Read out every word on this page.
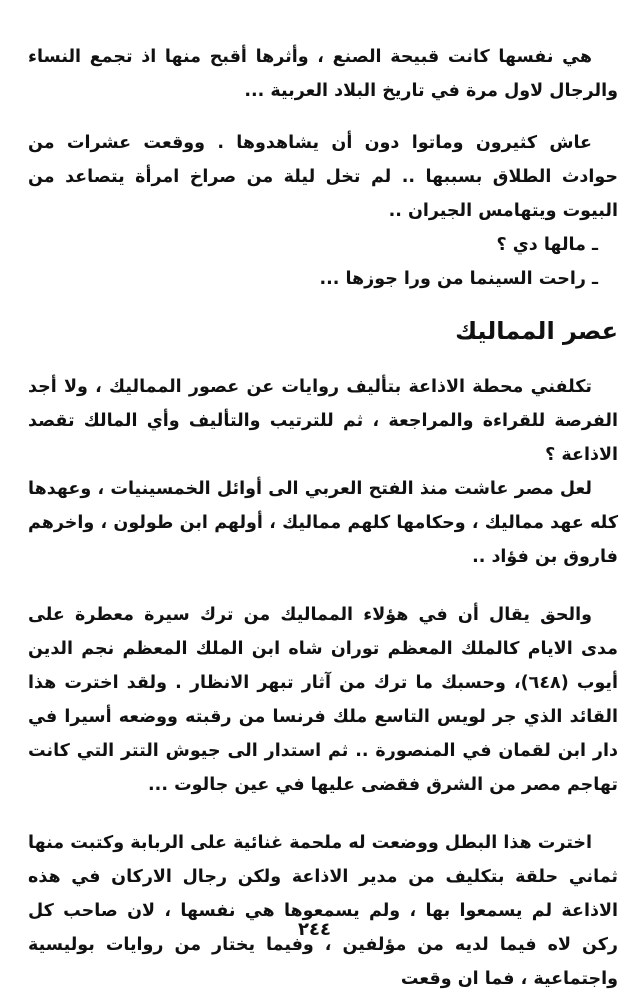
هي نفسها كانت قبيحة الصنع ، وأثرها أقبح منها اذ تجمع النساء والرجال لاول مرة في تاريخ البلاد العربية ...

عاش كثيرون وماتوا دون أن يشاهدوها . ووقعت عشرات من حوادث الطلاق بسببها .. لم تخل ليلة من صراخ امرأة يتصاعد من البيوت ويتهامس الجيران ..

ـ مالها دي ؟

ـ راحت السينما من ورا جوزها ...

عصر المماليك

تكلفني محطة الاذاعة بتأليف روايات عن عصور المماليك ، ولا أجد الفرصة للقراءة والمراجعة ، ثم للترتيب والتأليف وأي المالك تقصد الاذاعة ؟

لعل مصر عاشت منذ الفتح العربي الى أوائل الخمسينيات ، وعهدها كله عهد مماليك ، وحكامها كلهم مماليك ، أولهم ابن طولون ، واخرهم فاروق بن فؤاد ..

والحق يقال أن في هؤلاء المماليك من ترك سيرة معطرة على مدى الايام كالملك المعظم توران شاه ابن الملك المعظم نجم الدين أيوب (٦٤٨)، وحسبك ما ترك من آثار تبهر الانظار . ولقد اخترت هذا القائد الذي جر لويس التاسع ملك فرنسا من رقبته ووضعه أسيرا في دار ابن لقمان في المنصورة .. ثم استدار الى جيوش التتر التي كانت تهاجم مصر من الشرق فقضى عليها في عين جالوت ...

اخترت هذا البطل ووضعت له ملحمة غنائية على الربابة وكتبت منها ثماني حلقة بتكليف من مدير الاذاعة ولكن رجال الاركان في هذه الاذاعة لم يسمعوا بها ، ولم يسمعوها هي نفسها ، لان صاحب كل ركن لاه فيما لديه من مؤلفين ، وفيما يختار من روايات بوليسية واجتماعية ، فما ان وقعت

٢٤٤
